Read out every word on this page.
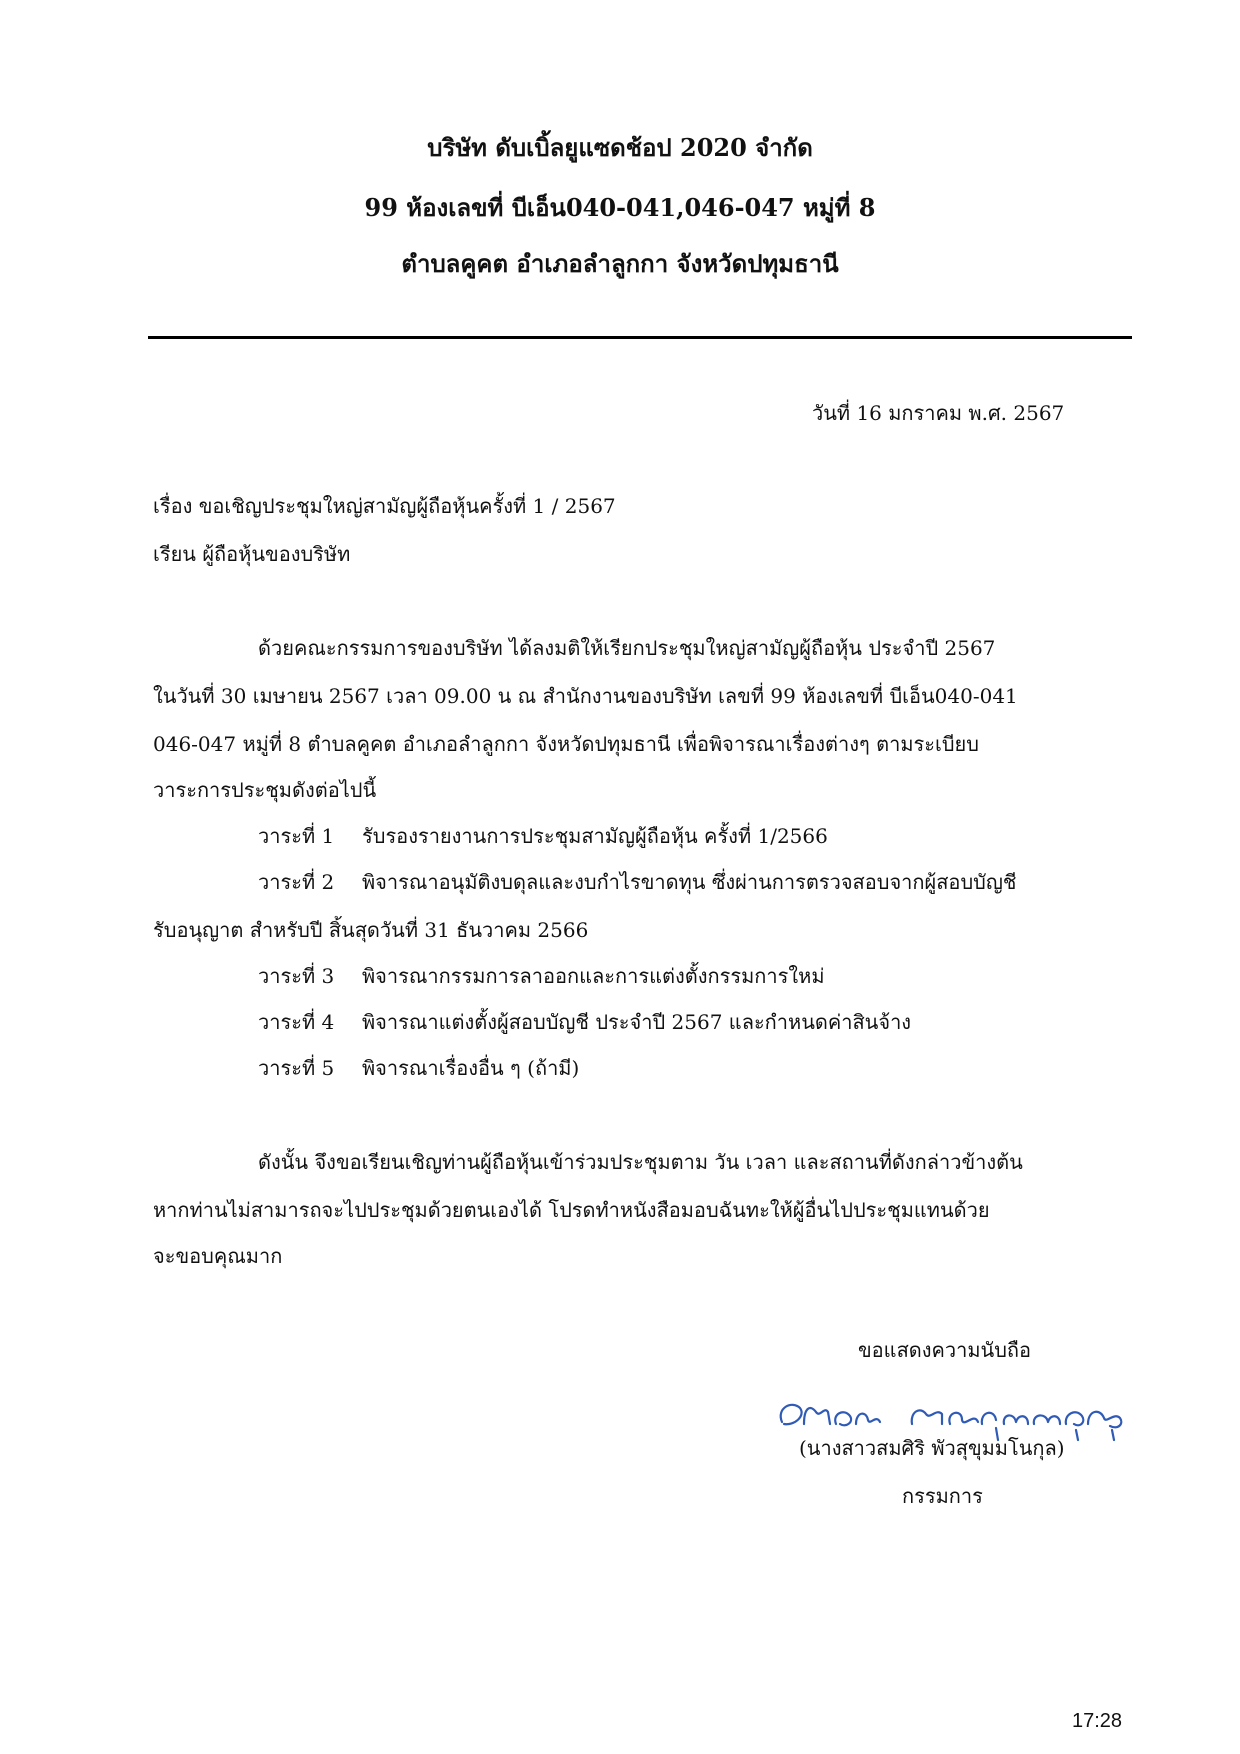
บริษัท ดับเบิ้ลยูแซดช้อป 2020 จำกัด
99 ห้องเลขที่ บีเอ็น040-041,046-047 หมู่ที่ 8
ตำบลคูคต อำเภอลำลูกกา จังหวัดปทุมธานี
วันที่ 16 มกราคม พ.ศ. 2567
เรื่อง ขอเชิญประชุมใหญ่สามัญผู้ถือหุ้นครั้งที่ 1 / 2567
เรียน ผู้ถือหุ้นของบริษัท
ด้วยคณะกรรมการของบริษัท ได้ลงมติให้เรียกประชุมใหญ่สามัญผู้ถือหุ้น ประจำปี 2567
ในวันที่ 30 เมษายน 2567 เวลา 09.00 น ณ สำนักงานของบริษัท เลขที่ 99 ห้องเลขที่ บีเอ็น040-041
046-047 หมู่ที่ 8 ตำบลคูคต อำเภอลำลูกกา จังหวัดปทุมธานี เพื่อพิจารณาเรื่องต่างๆ ตามระเบียบ
วาระการประชุมดังต่อไปนี้
วาระที่ 1 รับรองรายงานการประชุมสามัญผู้ถือหุ้น ครั้งที่ 1/2566
วาระที่ 2 พิจารณาอนุมัติงบดุลและงบกำไรขาดทุน ซึ่งผ่านการตรวจสอบจากผู้สอบบัญชี
รับอนุญาต สำหรับปี สิ้นสุดวันที่ 31 ธันวาคม 2566
วาระที่ 3 พิจารณากรรมการลาออกและการแต่งตั้งกรรมการใหม่
วาระที่ 4 พิจารณาแต่งตั้งผู้สอบบัญชี ประจำปี 2567 และกำหนดค่าสินจ้าง
วาระที่ 5 พิจารณาเรื่องอื่น ๆ (ถ้ามี)
ดังนั้น จึงขอเรียนเชิญท่านผู้ถือหุ้นเข้าร่วมประชุมตาม วัน เวลา และสถานที่ดังกล่าวข้างต้น
หากท่านไม่สามารถจะไปประชุมด้วยตนเองได้ โปรดทำหนังสือมอบฉันทะให้ผู้อื่นไปประชุมแทนด้วย
จะขอบคุณมาก
ขอแสดงความนับถือ
(นางสาวสมศิริ พัวสุขุมมโนกุล)
กรรมการ
17:28
